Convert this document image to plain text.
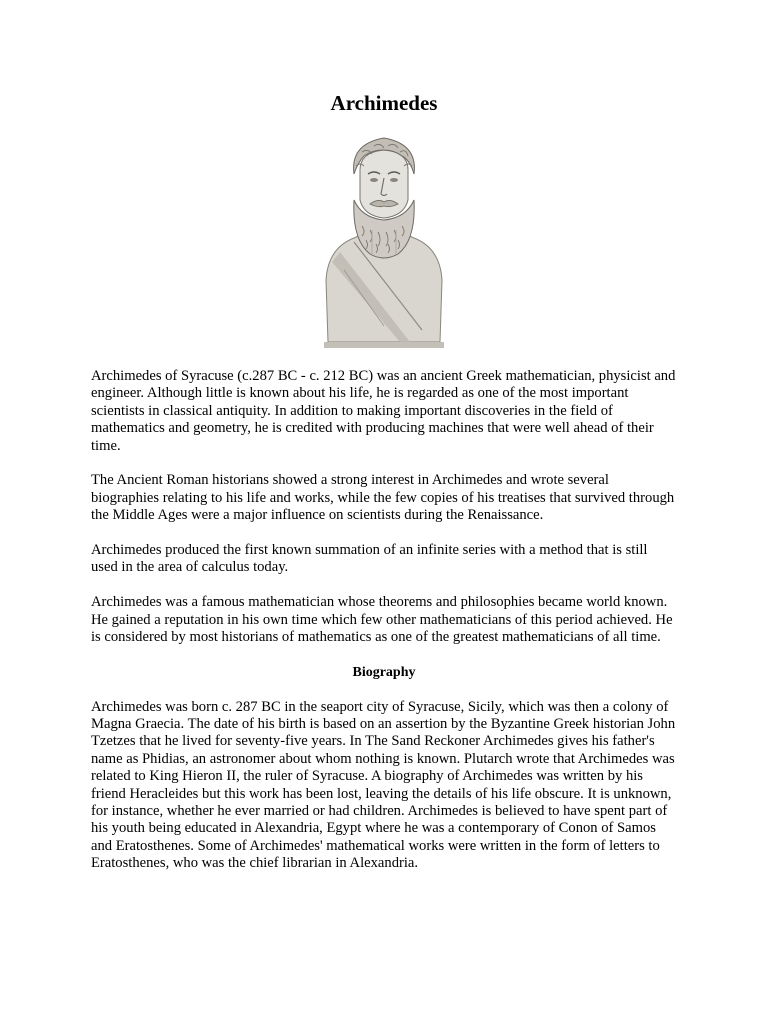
Archimedes

Archimedes of Syracuse (c.287 BC - c. 212 BC) was an ancient Greek mathematician, physicist and engineer. Although little is known about his life, he is regarded as one of the most important scientists in classical antiquity. In addition to making important discoveries in the field of mathematics and geometry, he is credited with producing machines that were well ahead of their time.

The Ancient Roman historians showed a strong interest in Archimedes and wrote several biographies relating to his life and works, while the few copies of his treatises that survived through the Middle Ages were a major influence on scientists during the Renaissance.

Archimedes produced the first known summation of an infinite series with a method that is still used in the area of calculus today.

Archimedes was a famous mathematician whose theorems and philosophies became world known. He gained a reputation in his own time which few other mathematicians of this period achieved. He is considered by most historians of mathematics as one of the greatest mathematicians of all time.

Biography

Archimedes was born c. 287 BC in the seaport city of Syracuse, Sicily, which was then a colony of Magna Graecia. The date of his birth is based on an assertion by the Byzantine Greek historian John Tzetzes that he lived for seventy-five years. In The Sand Reckoner Archimedes gives his father's name as Phidias, an astronomer about whom nothing is known. Plutarch wrote that Archimedes was related to King Hieron II, the ruler of Syracuse. A biography of Archimedes was written by his friend Heracleides but this work has been lost, leaving the details of his life obscure. It is unknown, for instance, whether he ever married or had children. Archimedes is believed to have spent part of his youth being educated in Alexandria, Egypt where he was a contemporary of Conon of Samos and Eratosthenes. Some of Archimedes' mathematical works were written in the form of letters to Eratosthenes, who was the chief librarian in Alexandria.
